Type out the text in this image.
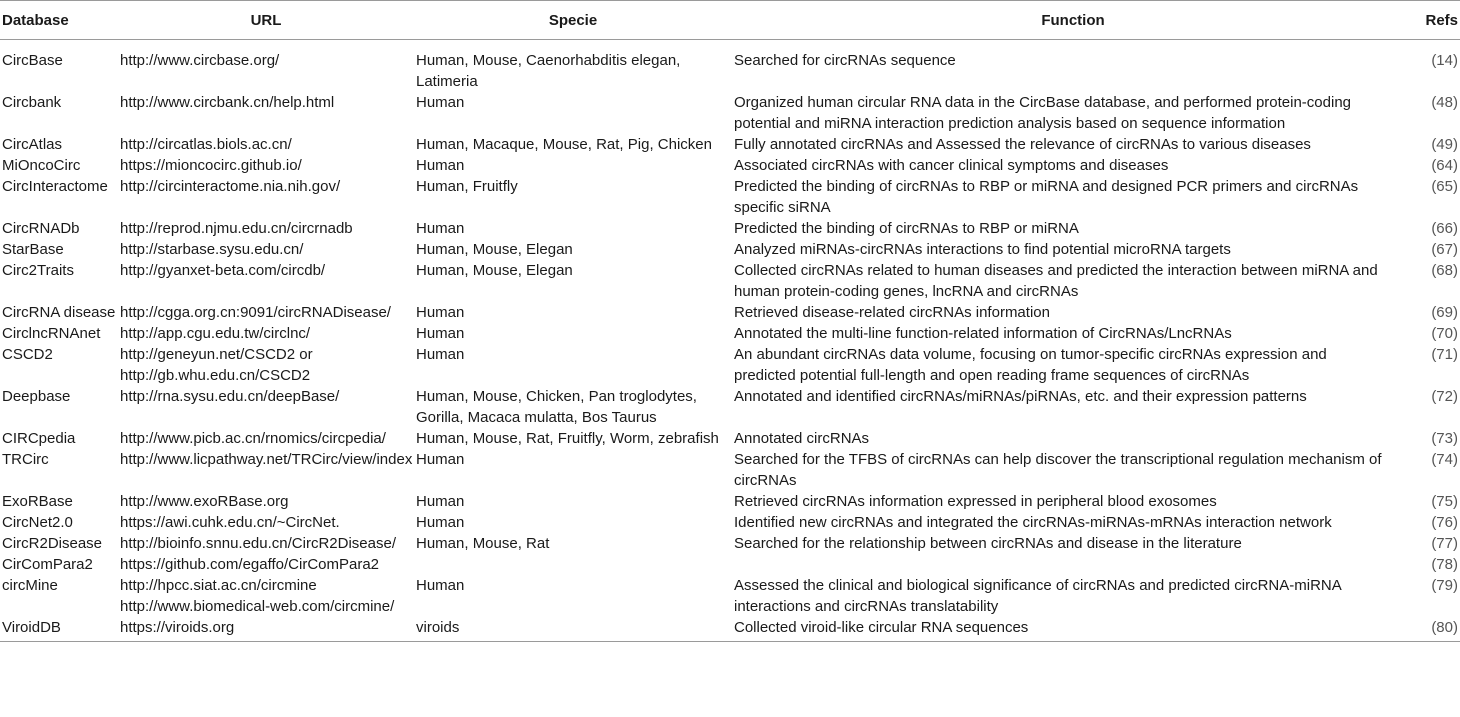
Database	URL	Specie	Function	Refs
CircBase	http://www.circbase.org/	Human, Mouse, Caenorhabditis elegan, Latimeria	Searched for circRNAs sequence	(14)
Circbank	http://www.circbank.cn/help.html	Human	Organized human circular RNA data in the CircBase database, and performed protein-coding potential and miRNA interaction prediction analysis based on sequence information	(48)
CircAtlas	http://circatlas.biols.ac.cn/	Human, Macaque, Mouse, Rat, Pig, Chicken	Fully annotated circRNAs and Assessed the relevance of circRNAs to various diseases	(49)
MiOncoCirc	https://mioncocirc.github.io/	Human	Associated circRNAs with cancer clinical symptoms and diseases	(64)
CircInteractome	http://circinteractome.nia.nih.gov/	Human, Fruitfly	Predicted the binding of circRNAs to RBP or miRNA and designed PCR primers and circRNAs specific siRNA	(65)
CircRNADb	http://reprod.njmu.edu.cn/circrnadb	Human	Predicted the binding of circRNAs to RBP or miRNA	(66)
StarBase	http://starbase.sysu.edu.cn/	Human, Mouse, Elegan	Analyzed miRNAs-circRNAs interactions to find potential microRNA targets	(67)
Circ2Traits	http://gyanxet-beta.com/circdb/	Human, Mouse, Elegan	Collected circRNAs related to human diseases and predicted the interaction between miRNA and human protein-coding genes, lncRNA and circRNAs	(68)
CircRNA disease	http://cgga.org.cn:9091/circRNADisease/	Human	Retrieved disease-related circRNAs information	(69)
CirclncRNAnet	http://app.cgu.edu.tw/circlnc/	Human	Annotated the multi-line function-related information of CircRNAs/LncRNAs	(70)
CSCD2	http://geneyun.net/CSCD2 or http://gb.whu.edu.cn/CSCD2	Human	An abundant circRNAs data volume, focusing on tumor-specific circRNAs expression and predicted potential full-length and open reading frame sequences of circRNAs	(71)
Deepbase	http://rna.sysu.edu.cn/deepBase/	Human, Mouse, Chicken, Pan troglodytes, Gorilla, Macaca mulatta, Bos Taurus	Annotated and identified circRNAs/miRNAs/piRNAs, etc. and their expression patterns	(72)
CIRCpedia	http://www.picb.ac.cn/rnomics/circpedia/	Human, Mouse, Rat, Fruitfly, Worm, zebrafish	Annotated circRNAs	(73)
TRCirc	http://www.licpathway.net/TRCirc/view/index	Human	Searched for the TFBS of circRNAs can help discover the transcriptional regulation mechanism of circRNAs	(74)
ExoRBase	http://www.exoRBase.org	Human	Retrieved circRNAs information expressed in peripheral blood exosomes	(75)
CircNet2.0	https://awi.cuhk.edu.cn/~CircNet.	Human	Identified new circRNAs and integrated the circRNAs-miRNAs-mRNAs interaction network	(76)
CircR2Disease	http://bioinfo.snnu.edu.cn/CircR2Disease/	Human, Mouse, Rat	Searched for the relationship between circRNAs and disease in the literature	(77)
CirComPara2	https://github.com/egaffo/CirComPara2			(78)
circMine	http://hpcc.siat.ac.cn/circmine http://www.biomedical-web.com/circmine/	Human	Assessed the clinical and biological significance of circRNAs and predicted circRNA-miRNA interactions and circRNAs translatability	(79)
ViroidDB	https://viroids.org	viroids	Collected viroid-like circular RNA sequences	(80)
